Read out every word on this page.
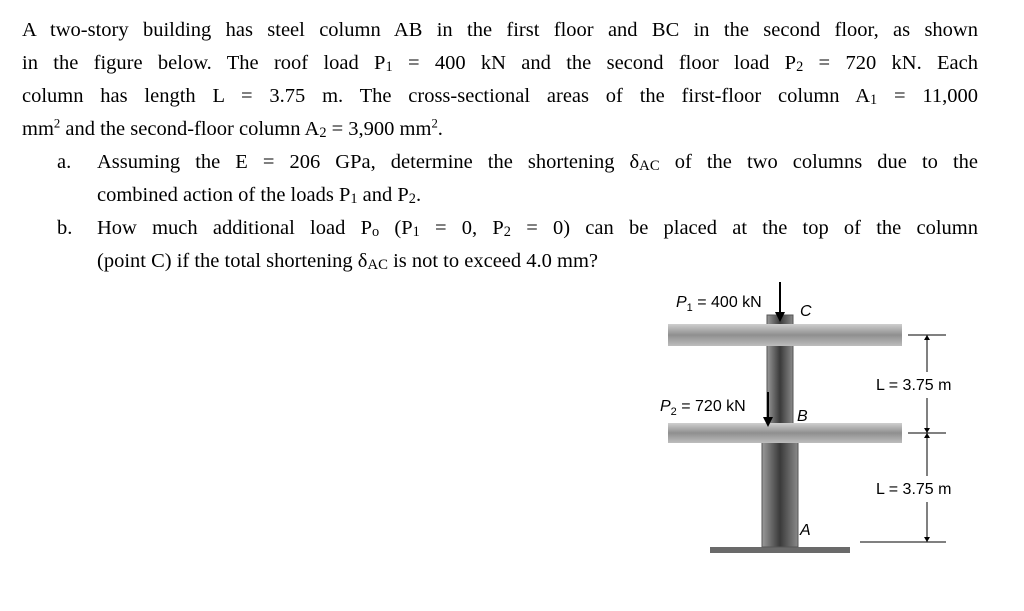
A two-story building has steel column AB in the first floor and BC in the second floor, as shown
in the figure below. The roof load $P_1 = 400$ kN and the second floor load $P_2 = 720$ kN. Each
column has length L = 3.75 m. The cross-sectional areas of the first-floor column $A_1 = 11,000$
$mm^2$ and the second-floor column $A_2 = 3,900$ $mm^2$.
a. Assuming the E = 206 GPa, determine the shortening $\delta_{AC}$ of the two columns due to the
combined action of the loads $P_1$ and $P_2$.
b. How much additional load $P_o$ ($P_1 = 0$, $P_2 = 0$) can be placed at the top of the column
(point C) if the total shortening $\delta_{AC}$ is not to exceed 4.0 mm?
$P_1 = 400$ kN
C
$P_2 = 720$ kN
B
A
L = 3.75 m
L = 3.75 m
